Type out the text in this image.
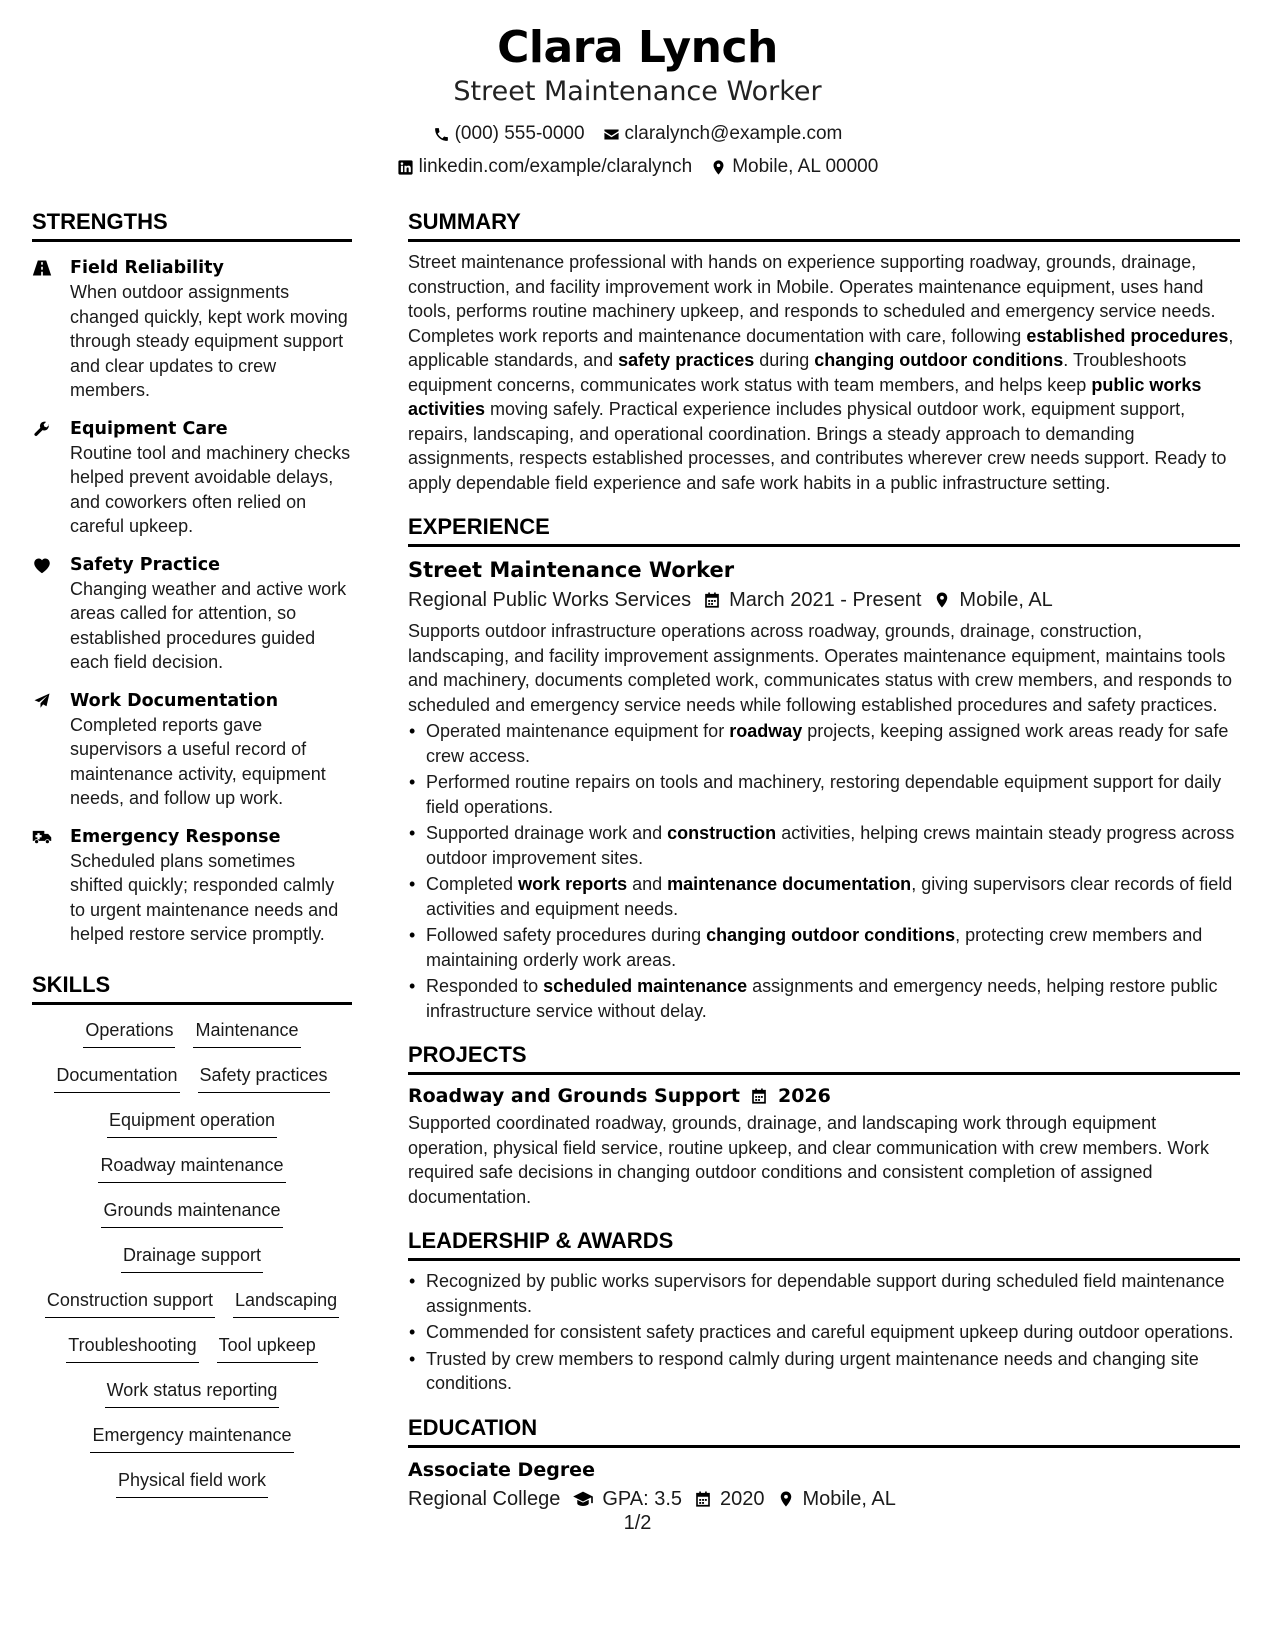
Clara Lynch
Street Maintenance Worker
(000) 555-0000 claralynch@example.com
linkedin.com/example/claralynch Mobile, AL 00000
STRENGTHS
Field Reliability
When outdoor assignments changed quickly, kept work moving through steady equipment support and clear updates to crew members.
Equipment Care
Routine tool and machinery checks helped prevent avoidable delays, and coworkers often relied on careful upkeep.
Safety Practice
Changing weather and active work areas called for attention, so established procedures guided each field decision.
Work Documentation
Completed reports gave supervisors a useful record of maintenance activity, equipment needs, and follow up work.
Emergency Response
Scheduled plans sometimes shifted quickly; responded calmly to urgent maintenance needs and helped restore service promptly.
SKILLS
Operations Maintenance
Documentation Safety practices
Equipment operation
Roadway maintenance
Grounds maintenance
Drainage support
Construction support Landscaping
Troubleshooting Tool upkeep
Work status reporting
Emergency maintenance
Physical field work
SUMMARY
Street maintenance professional with hands on experience supporting roadway, grounds, drainage, construction, and facility improvement work in Mobile. Operates maintenance equipment, uses hand tools, performs routine machinery upkeep, and responds to scheduled and emergency service needs. Completes work reports and maintenance documentation with care, following established procedures, applicable standards, and safety practices during changing outdoor conditions. Troubleshoots equipment concerns, communicates work status with team members, and helps keep public works activities moving safely. Practical experience includes physical outdoor work, equipment support, repairs, landscaping, and operational coordination. Brings a steady approach to demanding assignments, respects established processes, and contributes wherever crew needs support. Ready to apply dependable field experience and safe work habits in a public infrastructure setting.
EXPERIENCE
Street Maintenance Worker
Regional Public Works Services March 2021 - Present Mobile, AL
Supports outdoor infrastructure operations across roadway, grounds, drainage, construction, landscaping, and facility improvement assignments. Operates maintenance equipment, maintains tools and machinery, documents completed work, communicates status with crew members, and responds to scheduled and emergency service needs while following established procedures and safety practices.
• Operated maintenance equipment for roadway projects, keeping assigned work areas ready for safe crew access.
• Performed routine repairs on tools and machinery, restoring dependable equipment support for daily field operations.
• Supported drainage work and construction activities, helping crews maintain steady progress across outdoor improvement sites.
• Completed work reports and maintenance documentation, giving supervisors clear records of field activities and equipment needs.
• Followed safety procedures during changing outdoor conditions, protecting crew members and maintaining orderly work areas.
• Responded to scheduled maintenance assignments and emergency needs, helping restore public infrastructure service without delay.
PROJECTS
Roadway and Grounds Support 2026
Supported coordinated roadway, grounds, drainage, and landscaping work through equipment operation, physical field service, routine upkeep, and clear communication with crew members. Work required safe decisions in changing outdoor conditions and consistent completion of assigned documentation.
LEADERSHIP & AWARDS
• Recognized by public works supervisors for dependable support during scheduled field maintenance assignments.
• Commended for consistent safety practices and careful equipment upkeep during outdoor operations.
• Trusted by crew members to respond calmly during urgent maintenance needs and changing site conditions.
EDUCATION
Associate Degree
Regional College GPA: 3.5 2020 Mobile, AL
1/2
